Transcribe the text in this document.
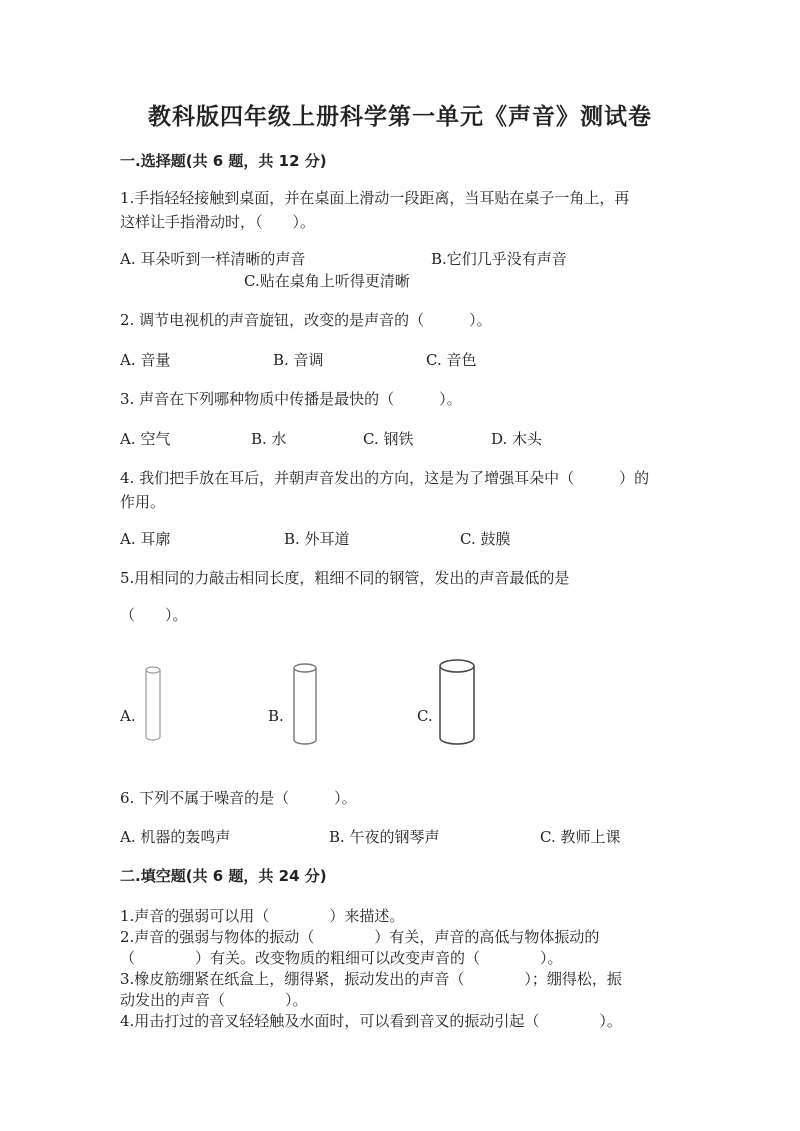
教科版四年级上册科学第一单元《声音》测试卷
一.选择题(共 6 题，共 12 分)
1.手指轻轻接触到桌面，并在桌面上滑动一段距离，当耳贴在桌子一角上，再
这样让手指滑动时，（　　）。
A. 耳朵听到一样清晰的声音	B.它们几乎没有声音
C.贴在桌角上听得更清晰
2. 调节电视机的声音旋钮，改变的是声音的（　　　）。
A. 音量	B. 音调	C. 音色
3. 声音在下列哪种物质中传播是最快的（　　　）。
A. 空气	B. 水	C. 钢铁	D. 木头
4. 我们把手放在耳后，并朝声音发出的方向，这是为了增强耳朵中（　　　）的
作用。
A. 耳廓	B. 外耳道	C. 鼓膜
5.用相同的力敲击相同长度，粗细不同的钢管，发出的声音最低的是
（　　）。
A.	B.	C.
6. 下列不属于噪音的是（　　　）。
A. 机器的轰鸣声	B. 午夜的钢琴声	C. 教师上课
二.填空题(共 6 题，共 24 分)
1.声音的强弱可以用（　　　　）来描述。
2.声音的强弱与物体的振动（　　　　）有关，声音的高低与物体振动的
（　　　　）有关。改变物质的粗细可以改变声音的（　　　　）。
3.橡皮筋绷紧在纸盒上，绷得紧，振动发出的声音（　　　　）；绷得松，振
动发出的声音（　　　　）。
4.用击打过的音叉轻轻触及水面时，可以看到音叉的振动引起（　　　　）。
